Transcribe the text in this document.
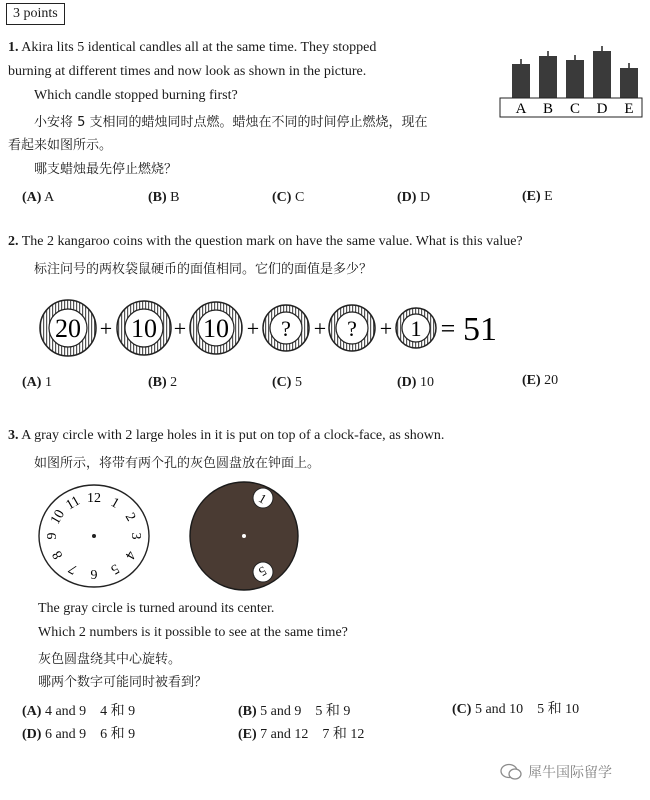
3 points
1. Akira lits 5 identical candles all at the same time. They stopped
burning at different times and now look as shown in the picture.
Which candle stopped burning first?
小安将 5 支相同的蜡烛同时点燃。蜡烛在不同的时间停止燃烧，现在
看起来如图所示。
哪支蜡烛最先停止燃烧？
A B C D E
(A) A	(B) B	(C) C	(D) D	(E) E
2. The 2 kangaroo coins with the question mark on have the same value. What is this value?
标注问号的两枚袋鼠硬币的面值相同。它们的面值是多少？
20 + 10 + 10 + ? + ? + 1 = 51
(A) 1	(B) 2	(C) 5	(D) 10	(E) 20
3. A gray circle with 2 large holes in it is put on top of a clock-face, as shown.
如图所示，将带有两个孔的灰色圆盘放在钟面上。
12 1
2
3
4
5
6
7
8
9
10
11	1
5
The gray circle is turned around its center.
Which 2 numbers is it possible to see at the same time?
灰色圆盘绕其中心旋转。
哪两个数字可能同时被看到？
(A) 4 and 9    4 和 9	(B) 5 and 9    5 和 9	(C) 5 and 10    5 和 10
(D) 6 and 9    6 和 9	(E) 7 and 12    7 和 12
犀牛国际留学
